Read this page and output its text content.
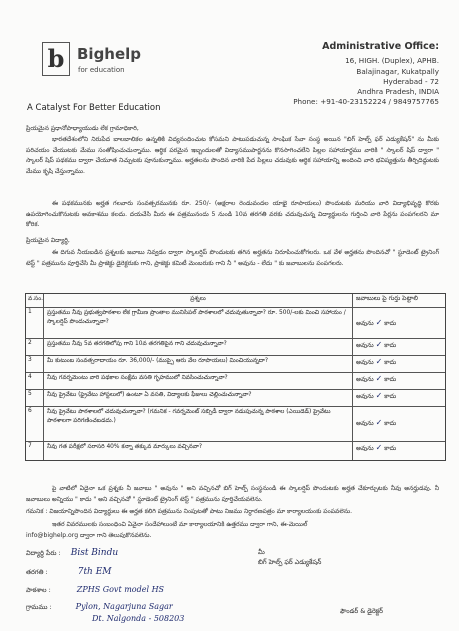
b Bighelp
for education
A Catalyst For Better Education
Administrative Office:
16, HIGH. (Duplex), APHB.
Balajinagar, Kukatpally
Hyderabad - 72
Andhra Pradesh, INDIA
Phone: +91-40-23152224 / 9849757765
ప్రియమైన ప్రధానోపాధ్యాయుడు లేక గ్రామాధికారి,
భారతదేశంలోని నిరుపేద బాలబాలికల ఉన్నతికి విద్యనందించుట కోసమని పాటుపడుచున్న సాంఘిక సేవా సంస్థ అయిన "బిగ్ హెల్ప్ ఫర్ ఎడ్యుకేషన్" ను మీకు పరిచయం చేయుటకు మేము సంతోషించుచున్నాము. ఆర్థిక పరమైన ఇబ్బందులతో విద్యాసముపార్జనను కొనసాగించలేని పిల్లల సహాయార్థము వారికి " స్కాలర్ షిప్ ద్వారా " స్కాలర్ షిప్ పథకము ద్వారా చేయూత నిచ్చుటకు పూనుకున్నాము. అర్హతలను పొందిన వారికి పేద పిల్లలు చదువుకు ఆర్థిక సహాయాన్ని అందించి వారి భవిష్యత్తును తీర్చిదిద్దుటకు మేము కృషి చేస్తున్నాము.
ఈ పథకమునకు అర్హత గలవారు సంవత్సరమునకు రూ. 250/- (అక్షరాల రెండువందల యాభై రూపాయలు) పొందుటకు మరియు వారి విద్యాభివృద్ధి కొరకు ఉపయోగించుకొనుటకు అవకాశము కలదు. దయచేసి మీరు ఈ పత్రమునందు 5 నుండి 10వ తరగతి వరకు చదువుచున్న విద్యార్థులను గుర్తించి వారి పేర్లను పంపగలరని మా కోరిక.
ప్రియమైన విద్యార్థి,
ఈ దిగువ నీయబడిన ప్రశ్నలకు జవాబు నివ్వడం ద్వారా స్కాలర్షిప్ పొందుటకు తగిన అర్హతను నిరూపించుకోగలరు. ఒక వేళ అర్హతను పొందినచో " స్టూడెంట్ ట్రైనింగ్ టెస్ట్ " పత్రమును పూర్తిచేసి మీ ప్రాజెక్టు డైరెక్టరుకు గాని, ప్రాజెక్టు కమిటీ మెంబరుకు గాని నీ " అవును - లేదు " కు జవాబులను పంపగలరు.
వ.సం.	ప్రశ్నలు	జవాబులు పై గుర్తు పెట్టాలి
1	ప్రస్తుతము నీవు ప్రభుత్వపాఠశాల లేక గ్రామీణ ప్రాంతాల మునిసిపల్ పాఠశాలలో చదువుతున్నావా? రూ. 500/-లకు మించి సహాయం / స్కాలర్షిప్ పొందుచున్నావా?	అవును ✓ కాదు
2	ప్రస్తుతము నీవు 5వ తరగతిలోపు గాని 10వ తరగతిపైన గాని చదువుచున్నావా?	అవును ✓ కాదు
3	మీ కుటుంబ సంవత్సరాదాయం రూ. 36,000/- (ముప్పై ఆరు వేల రూపాయలు) మించియున్నదా?	అవును ✓ కాదు
4	నీవు గవర్నమెంటు వారి పథకాల సంక్షేమ వసతి గృహములో నివసించుచున్నావా?	అవును ✓ కాదు
5	నీవు ప్రైవేటు (ఫ్రైవేటు హాస్టలులో) ఉంటూ ఏ వసతి, విద్యాలకు ఫీజులు చెల్లించుచున్నావా?	అవును ✓ కాదు
6	నీవు ప్రైవేటు పాఠశాలలో చదువుచున్నావా? (గమనిక - గవర్నమెంట్ సబ్సిడీ ద్వారా నడుపుచున్న పాఠశాల (ఎయిడెడ్) ప్రైవేటు పాఠశాలగా పరిగణించబడదు.)	అవును ✓ కాదు
7	నీవు గత పరీక్షలో సరాసరి 40% కన్నా తక్కువ మార్కులు వచ్చినవా?	అవును ✓ కాదు
పై వాటిలో ఏదైనా ఒక ప్రశ్నకు నీ జవాబు " అవును " అని వచ్చినచో బిగ్ హెల్ప్ సంస్థనుండి ఈ స్కాలర్షిప్ పొందుటకు అర్హత చేకూర్చుటకు నీవు అనర్హుడవు. నీ జవాబులు అన్నియు " కాదు " అని వచ్చినచో " స్టూడెంట్ ట్రైనింగ్ టెస్ట్ " పత్రమును పూర్తిచేయవలెను.
గమనిక : విజయాన్నిపొందిన విద్యార్థులు ఈ అర్హత కలిగి పత్రమును నింపుటతో పాటు నిజము నిర్ధారణపత్రం మా కార్యాలయంకు పంపవలెను.
ఇతర వివరములకు సంబంధించి ఏవైనా సందేహాలుంటే మా కార్యాలయానికి ఉత్తరము ద్వారా గాని, ఈ-మెయిల్
info@bighelp.org ద్వారా గాని తెలుపుకొనవలెను.
విద్యార్థి పేరు : Bist Bindu
తరగతి :	7th EM
పాఠశాల :	ZPHS Govt model HS
గ్రామము :	Pylon, Nagarjuna Sagar
Dt. Nalgonda - 508203
మీ
బిగ్ హెల్ప్ ఫర్ ఎడ్యుకేషన్
ఫౌండర్ & డైరెక్టర్
